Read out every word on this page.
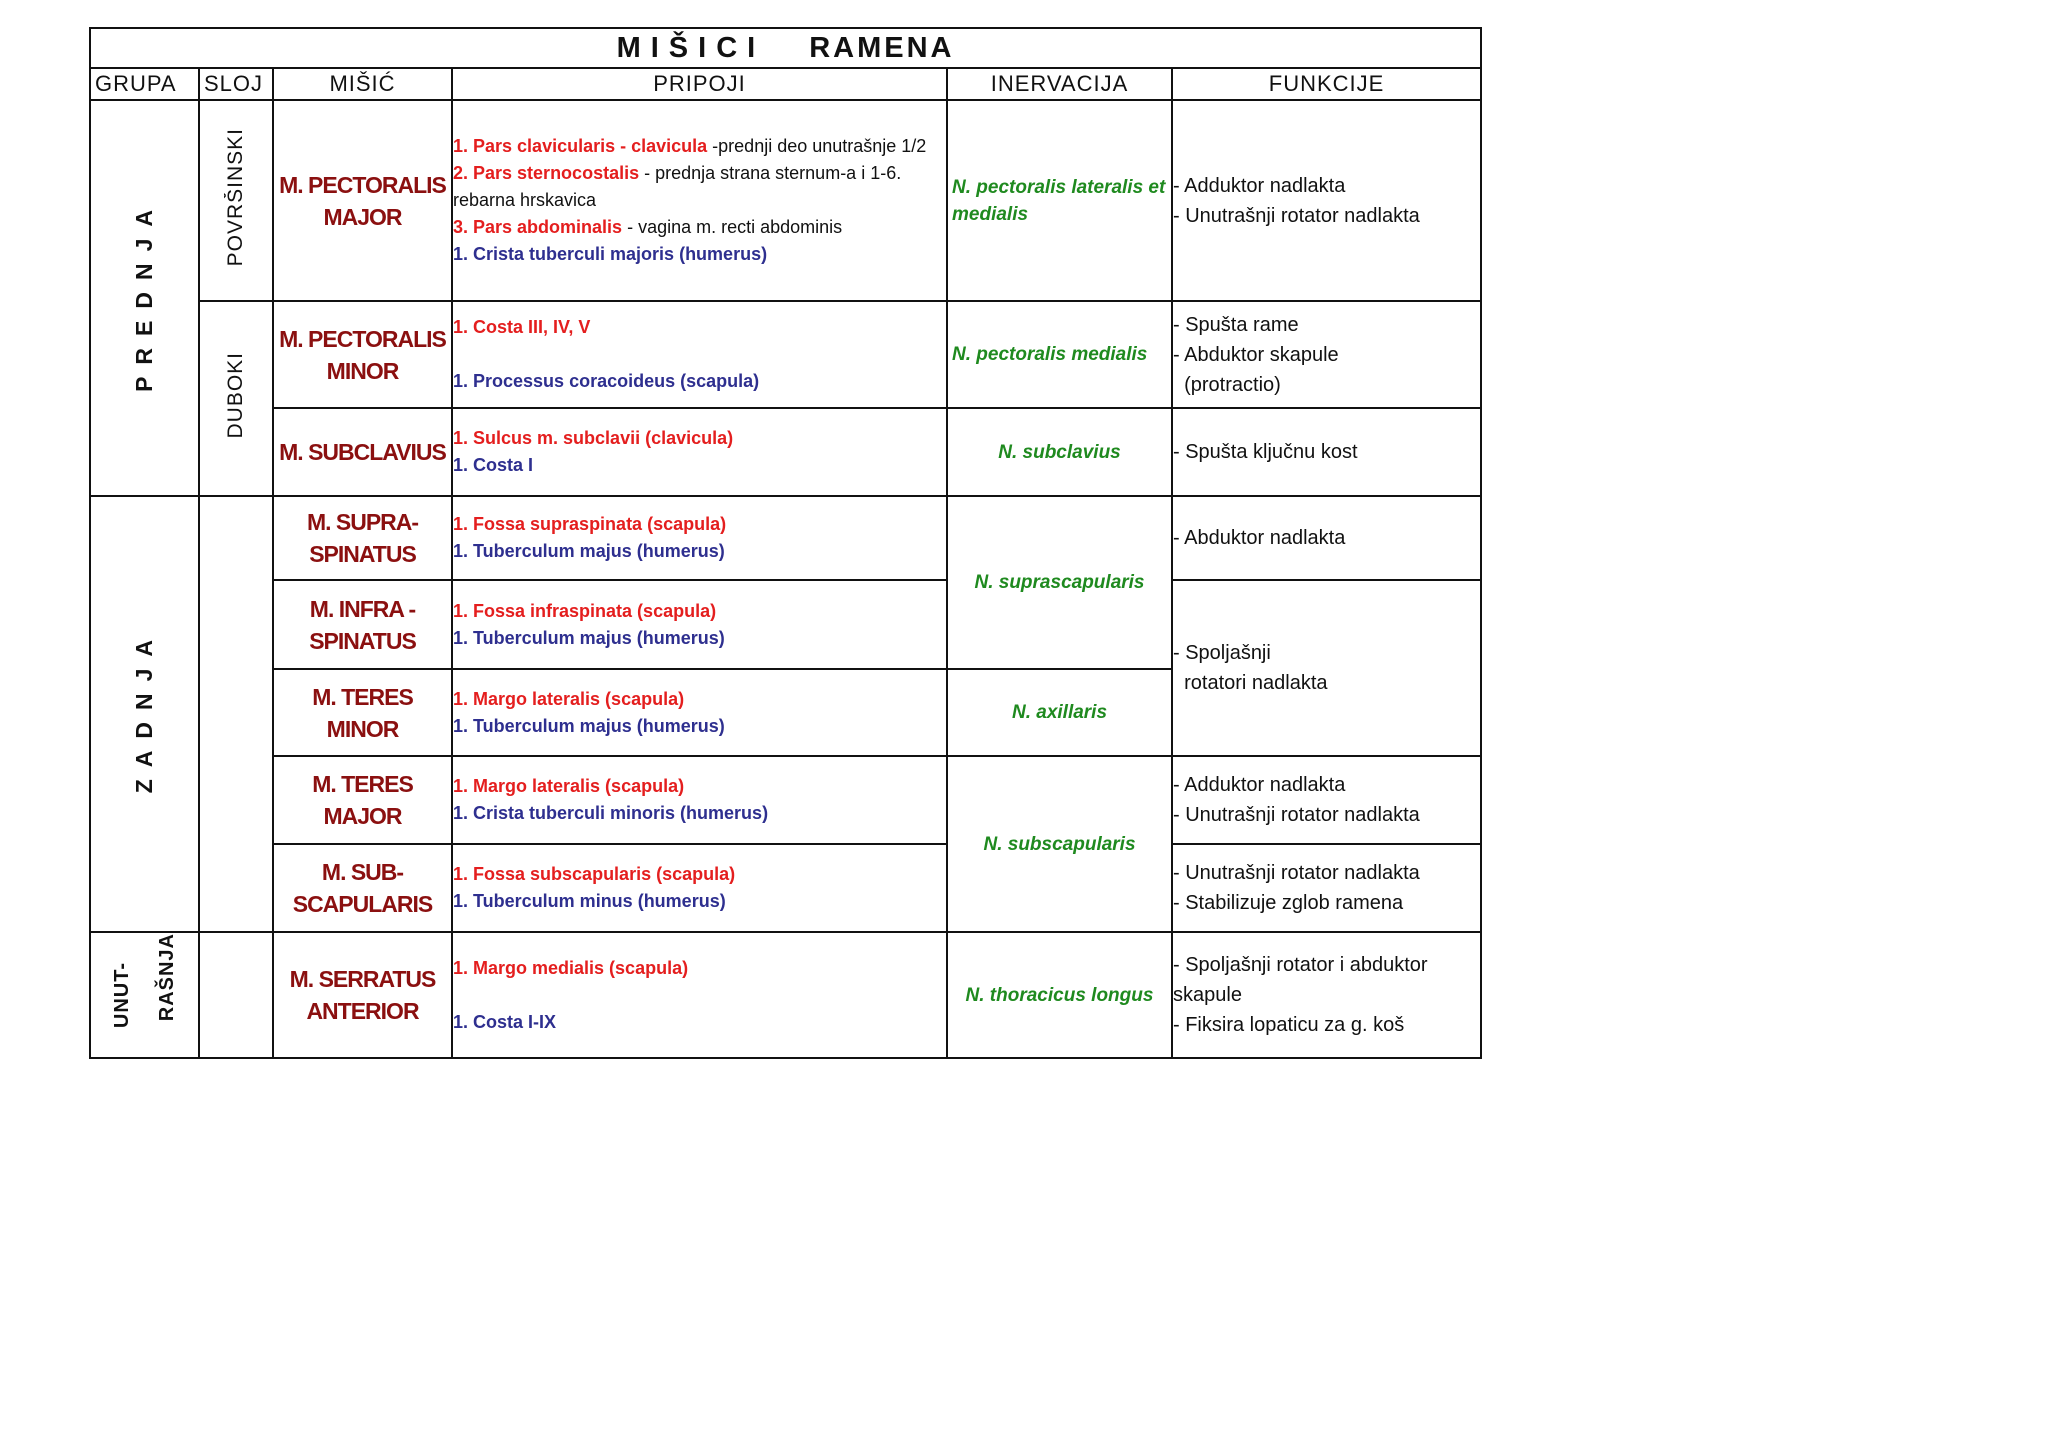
MIŠICI RAMENA					
GRUPA	SLOJ	MIŠIĆ	PRIPOJI	INERVACIJA	FUNKCIJE
PREDNJA	POVRŠINSKI	M. PECTORALIS
MAJOR	1. Pars clavicularis - clavicula -prednji deo unutrašnje 1/2
2. Pars sternocostalis - prednja strana sternum-a i 1-6. rebarna hrskavica
3. Pars abdominalis - vagina m. recti abdominis
1. Crista tuberculi majoris (humerus)	N. pectoralis lateralis et medialis	- Adduktor nadlakta
- Unutrašnji rotator nadlakta

	DUBOKI	M. PECTORALIS
MINOR	1. Costa III, IV, V
1. Processus coracoideus (scapula)	N. pectoralis medialis	- Spušta rame
- Abduktor skapule
(protractio)

		M. SUBCLAVIUS	1. Sulcus m. subclavii (clavicula)
1. Costa I	N. subclavius	- Spušta ključnu kost

ZADNJA		M. SUPRA-
SPINATUS	1. Fossa supraspinata (scapula)
1. Tuberculum majus (humerus)	N. suprascapularis	- Abduktor nadlakta

		M. INFRA -
SPINATUS	1. Fossa infraspinata (scapula)
1. Tuberculum majus (humerus)		- Spoljašnji
rotatori nadlakta

		M. TERES
MINOR	1. Margo lateralis (scapula)
1. Tuberculum majus (humerus)	N. axillaris	
		M. TERES
MAJOR	1. Margo lateralis (scapula)
1. Crista tuberculi minoris (humerus)	N. subscapularis	- Adduktor nadlakta
- Unutrašnji rotator nadlakta

		M. SUB-
SCAPULARIS	1. Fossa subscapularis (scapula)
1. Tuberculum minus (humerus)		- Unutrašnji rotator nadlakta
- Stabilizuje zglob ramena

UNUT- RAŠNJA		M. SERRATUS
ANTERIOR	1. Margo medialis (scapula)
1. Costa I-IX	N. thoracicus longus	- Spoljašnji rotator i abduktor
skapule
- Fiksira lopaticu za g. koš
